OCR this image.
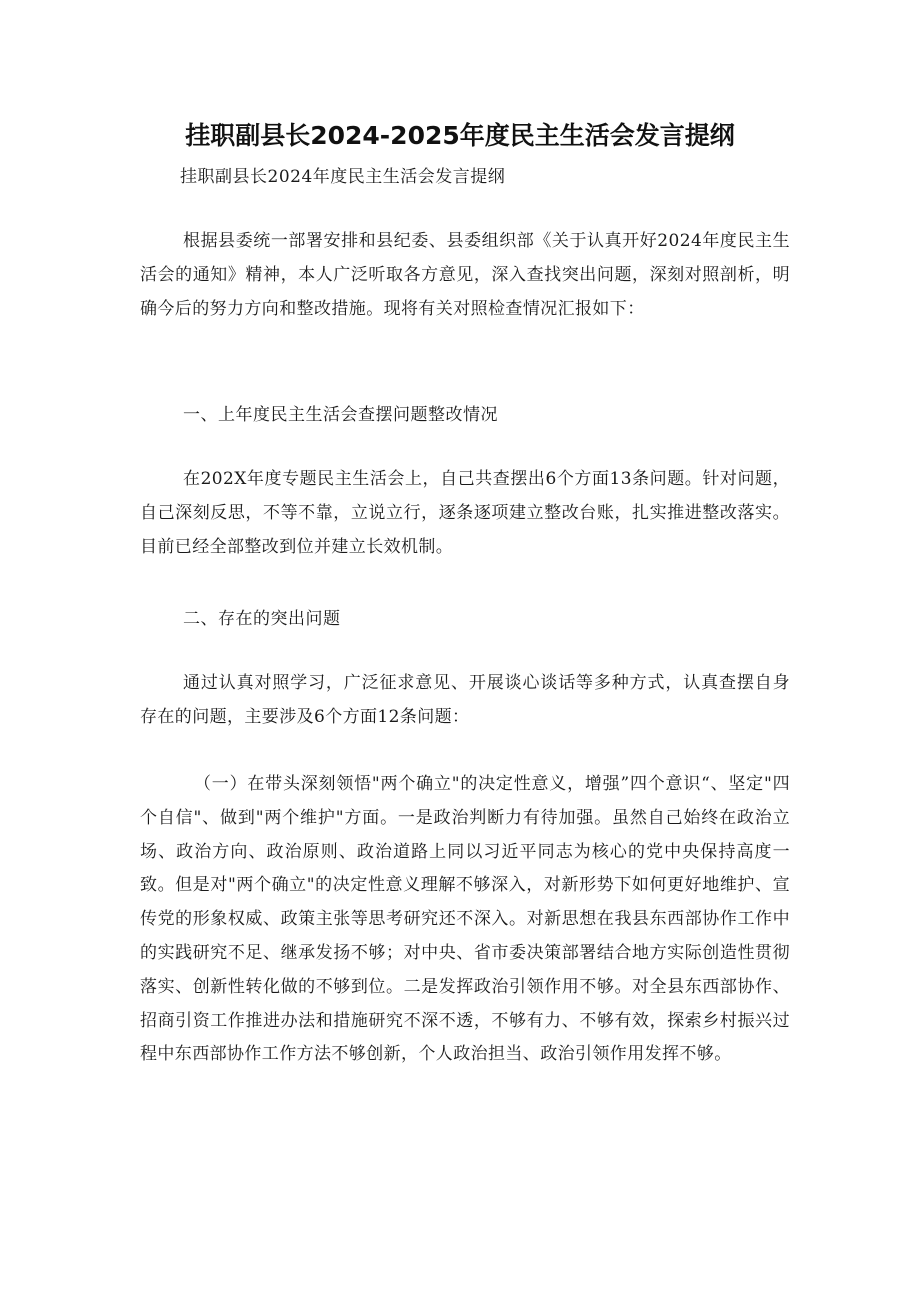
挂职副县长2024-2025年度民主生活会发言提纲

挂职副县长2024年度民主生活会发言提纲

根据县委统一部署安排和县纪委、县委组织部《关于认真开好2024年度民主生活会的通知》精神，本人广泛听取各方意见，深入查找突出问题，深刻对照剖析，明确今后的努力方向和整改措施。现将有关对照检查情况汇报如下：

一、上年度民主生活会查摆问题整改情况

在202X年度专题民主生活会上，自己共查摆出6个方面13条问题。针对问题，自己深刻反思，不等不靠，立说立行，逐条逐项建立整改台账，扎实推进整改落实。目前已经全部整改到位并建立长效机制。

二、存在的突出问题

通过认真对照学习，广泛征求意见、开展谈心谈话等多种方式，认真查摆自身存在的问题，主要涉及6个方面12条问题：

（一）在带头深刻领悟"两个确立"的决定性意义，增强”四个意识“、坚定"四个自信"、做到"两个维护"方面。一是政治判断力有待加强。虽然自己始终在政治立场、政治方向、政治原则、政治道路上同以习近平同志为核心的党中央保持高度一致。但是对"两个确立"的决定性意义理解不够深入，对新形势下如何更好地维护、宣传党的形象权威、政策主张等思考研究还不深入。对新思想在我县东西部协作工作中的实践研究不足、继承发扬不够；对中央、省市委决策部署结合地方实际创造性贯彻落实、创新性转化做的不够到位。二是发挥政治引领作用不够。对全县东西部协作、招商引资工作推进办法和措施研究不深不透，不够有力、不够有效，探索乡村振兴过程中东西部协作工作方法不够创新，个人政治担当、政治引领作用发挥不够。
